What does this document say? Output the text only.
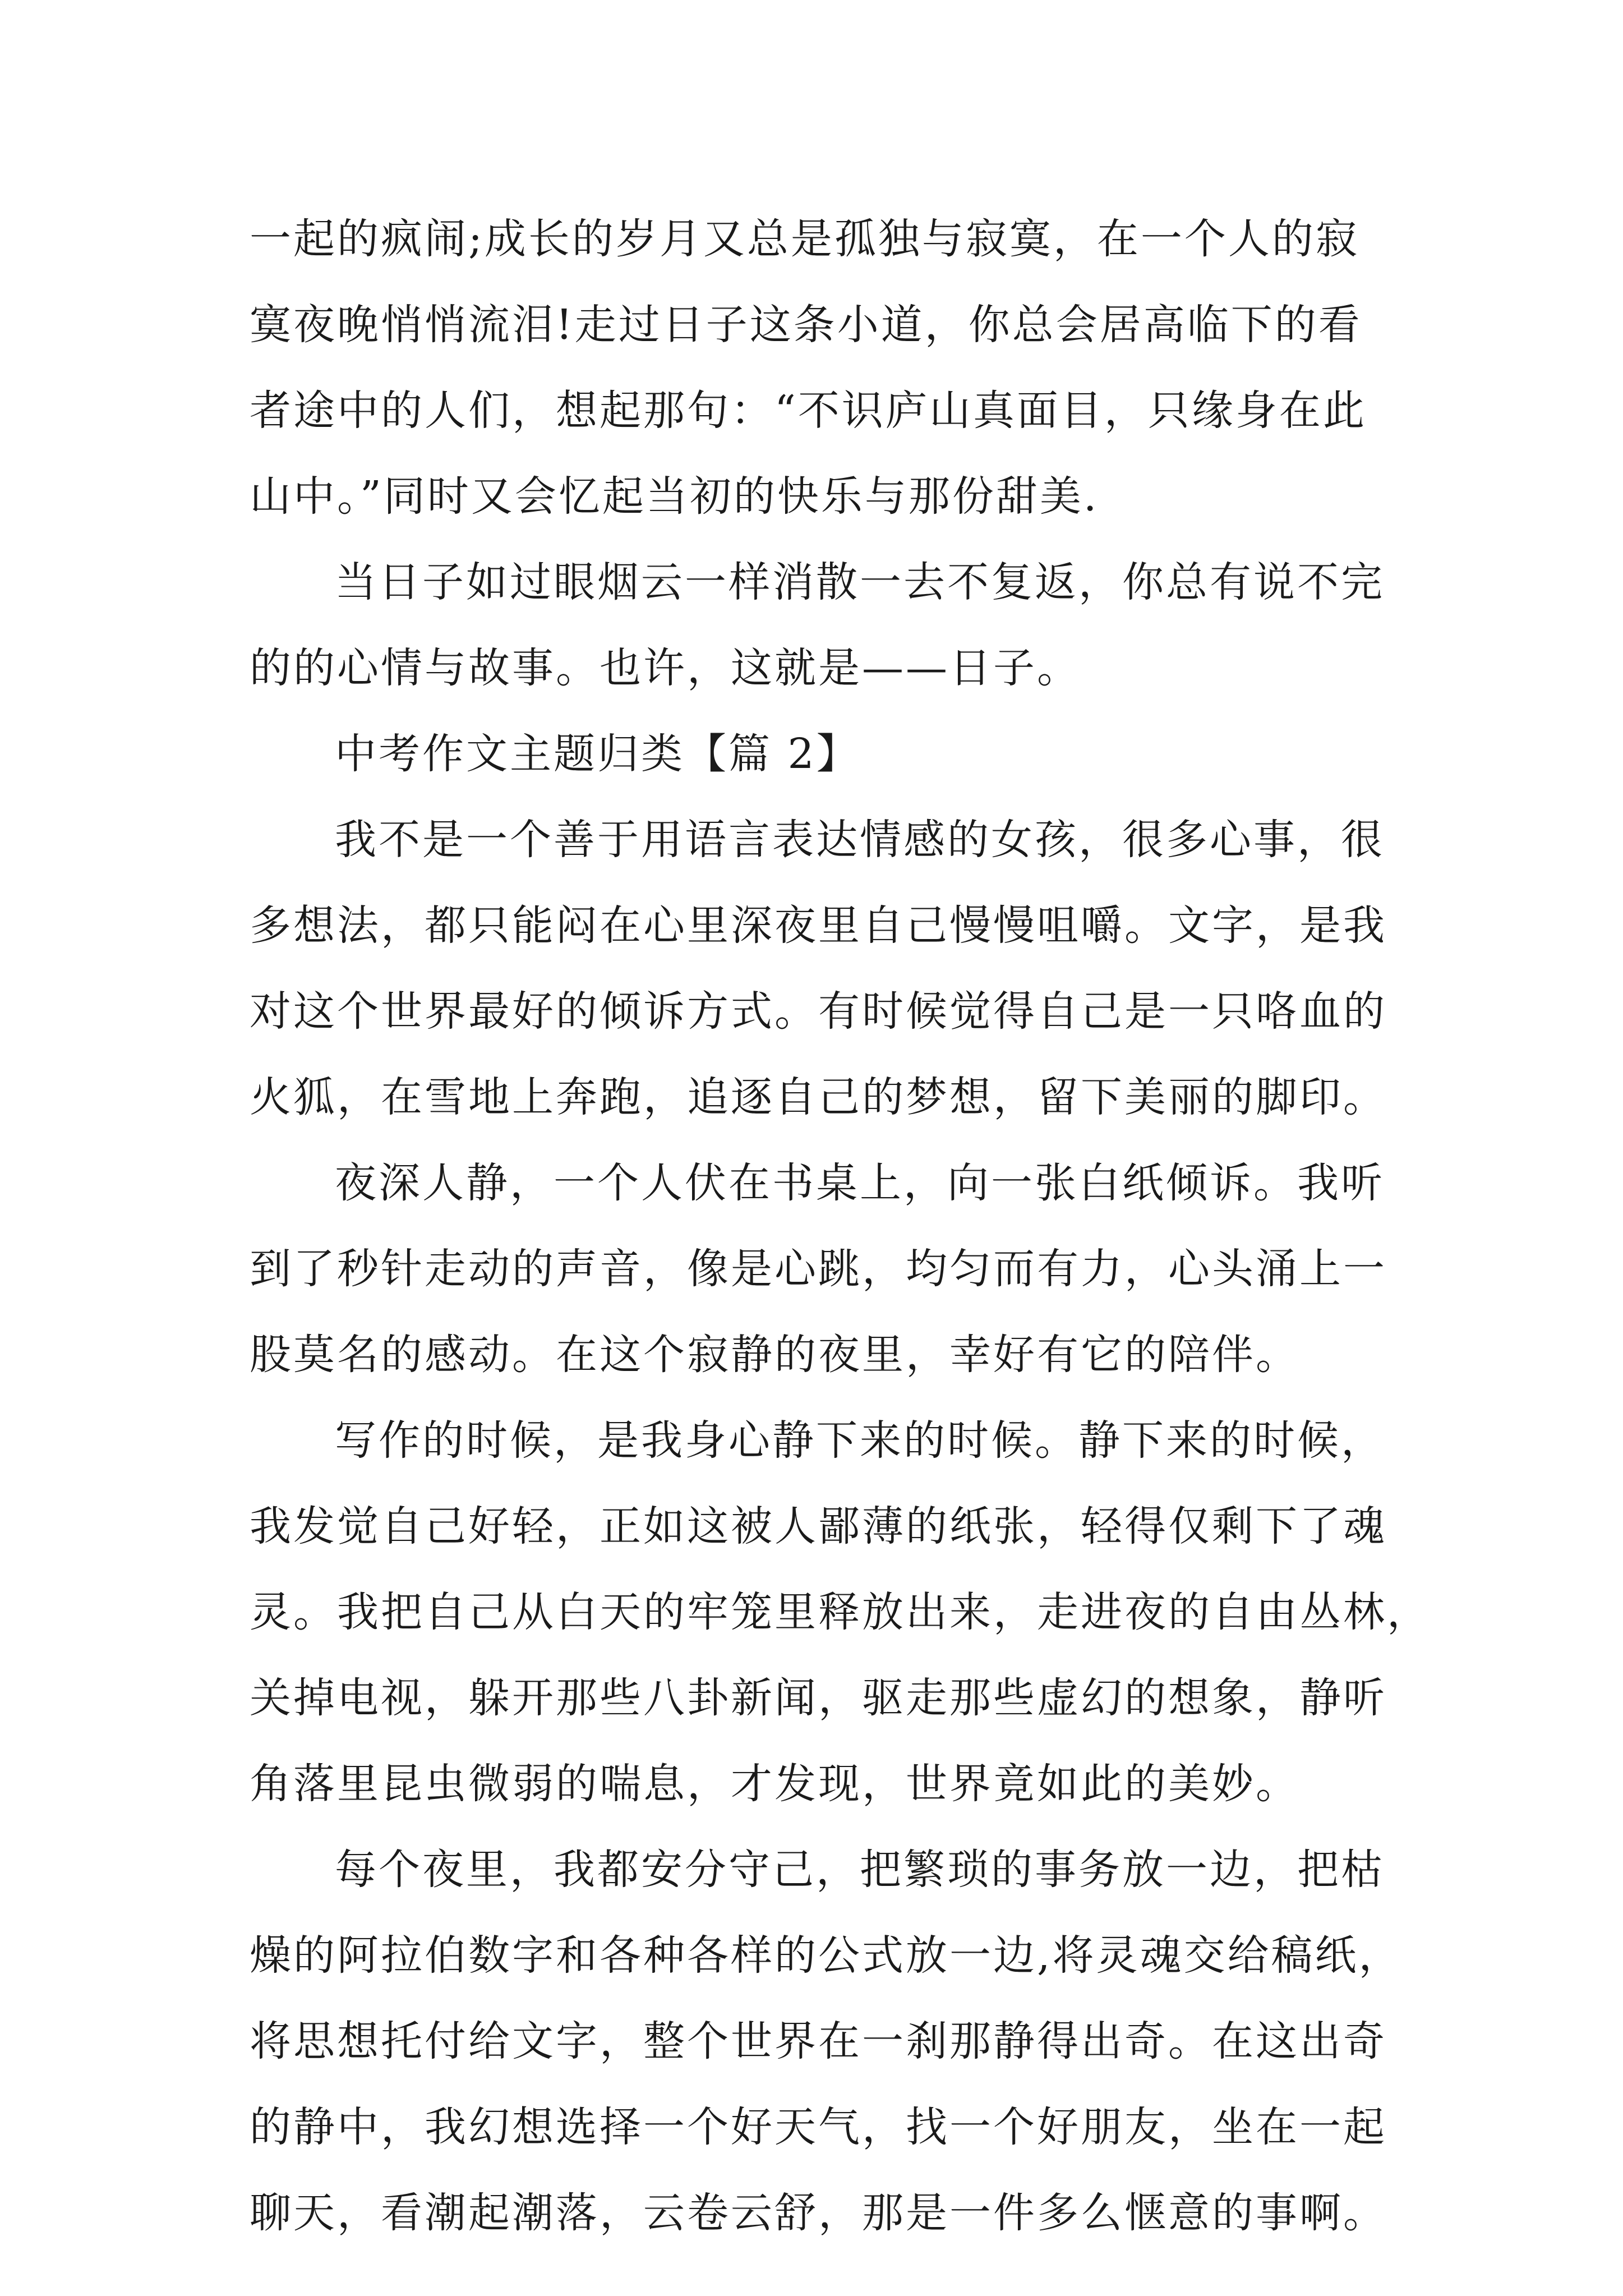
一起的疯闹;成长的岁月又总是孤独与寂寞，在一个人的寂
寞夜晚悄悄流泪!走过日子这条小道，你总会居高临下的看
者途中的人们，想起那句：“不识庐山真面目，只缘身在此
山中。”同时又会忆起当初的快乐与那份甜美.
当日子如过眼烟云一样消散一去不复返，你总有说不完
的的心情与故事。也许，这就是——日子。
中考作文主题归类【篇 2】
我不是一个善于用语言表达情感的女孩，很多心事，很
多想法，都只能闷在心里深夜里自己慢慢咀嚼。文字，是我
对这个世界最好的倾诉方式。有时候觉得自己是一只咯血的
火狐，在雪地上奔跑，追逐自己的梦想，留下美丽的脚印。
夜深人静，一个人伏在书桌上，向一张白纸倾诉。我听
到了秒针走动的声音，像是心跳，均匀而有力，心头涌上一
股莫名的感动。在这个寂静的夜里，幸好有它的陪伴。
写作的时候，是我身心静下来的时候。静下来的时候，
我发觉自己好轻，正如这被人鄙薄的纸张，轻得仅剩下了魂
灵。我把自己从白天的牢笼里释放出来，走进夜的自由丛林，
关掉电视，躲开那些八卦新闻，驱走那些虚幻的想象，静听
角落里昆虫微弱的喘息，才发现，世界竟如此的美妙。
每个夜里，我都安分守己，把繁琐的事务放一边，把枯
燥的阿拉伯数字和各种各样的公式放一边,将灵魂交给稿纸，
将思想托付给文字，整个世界在一刹那静得出奇。在这出奇
的静中，我幻想选择一个好天气，找一个好朋友，坐在一起
聊天，看潮起潮落，云卷云舒，那是一件多么惬意的事啊。
